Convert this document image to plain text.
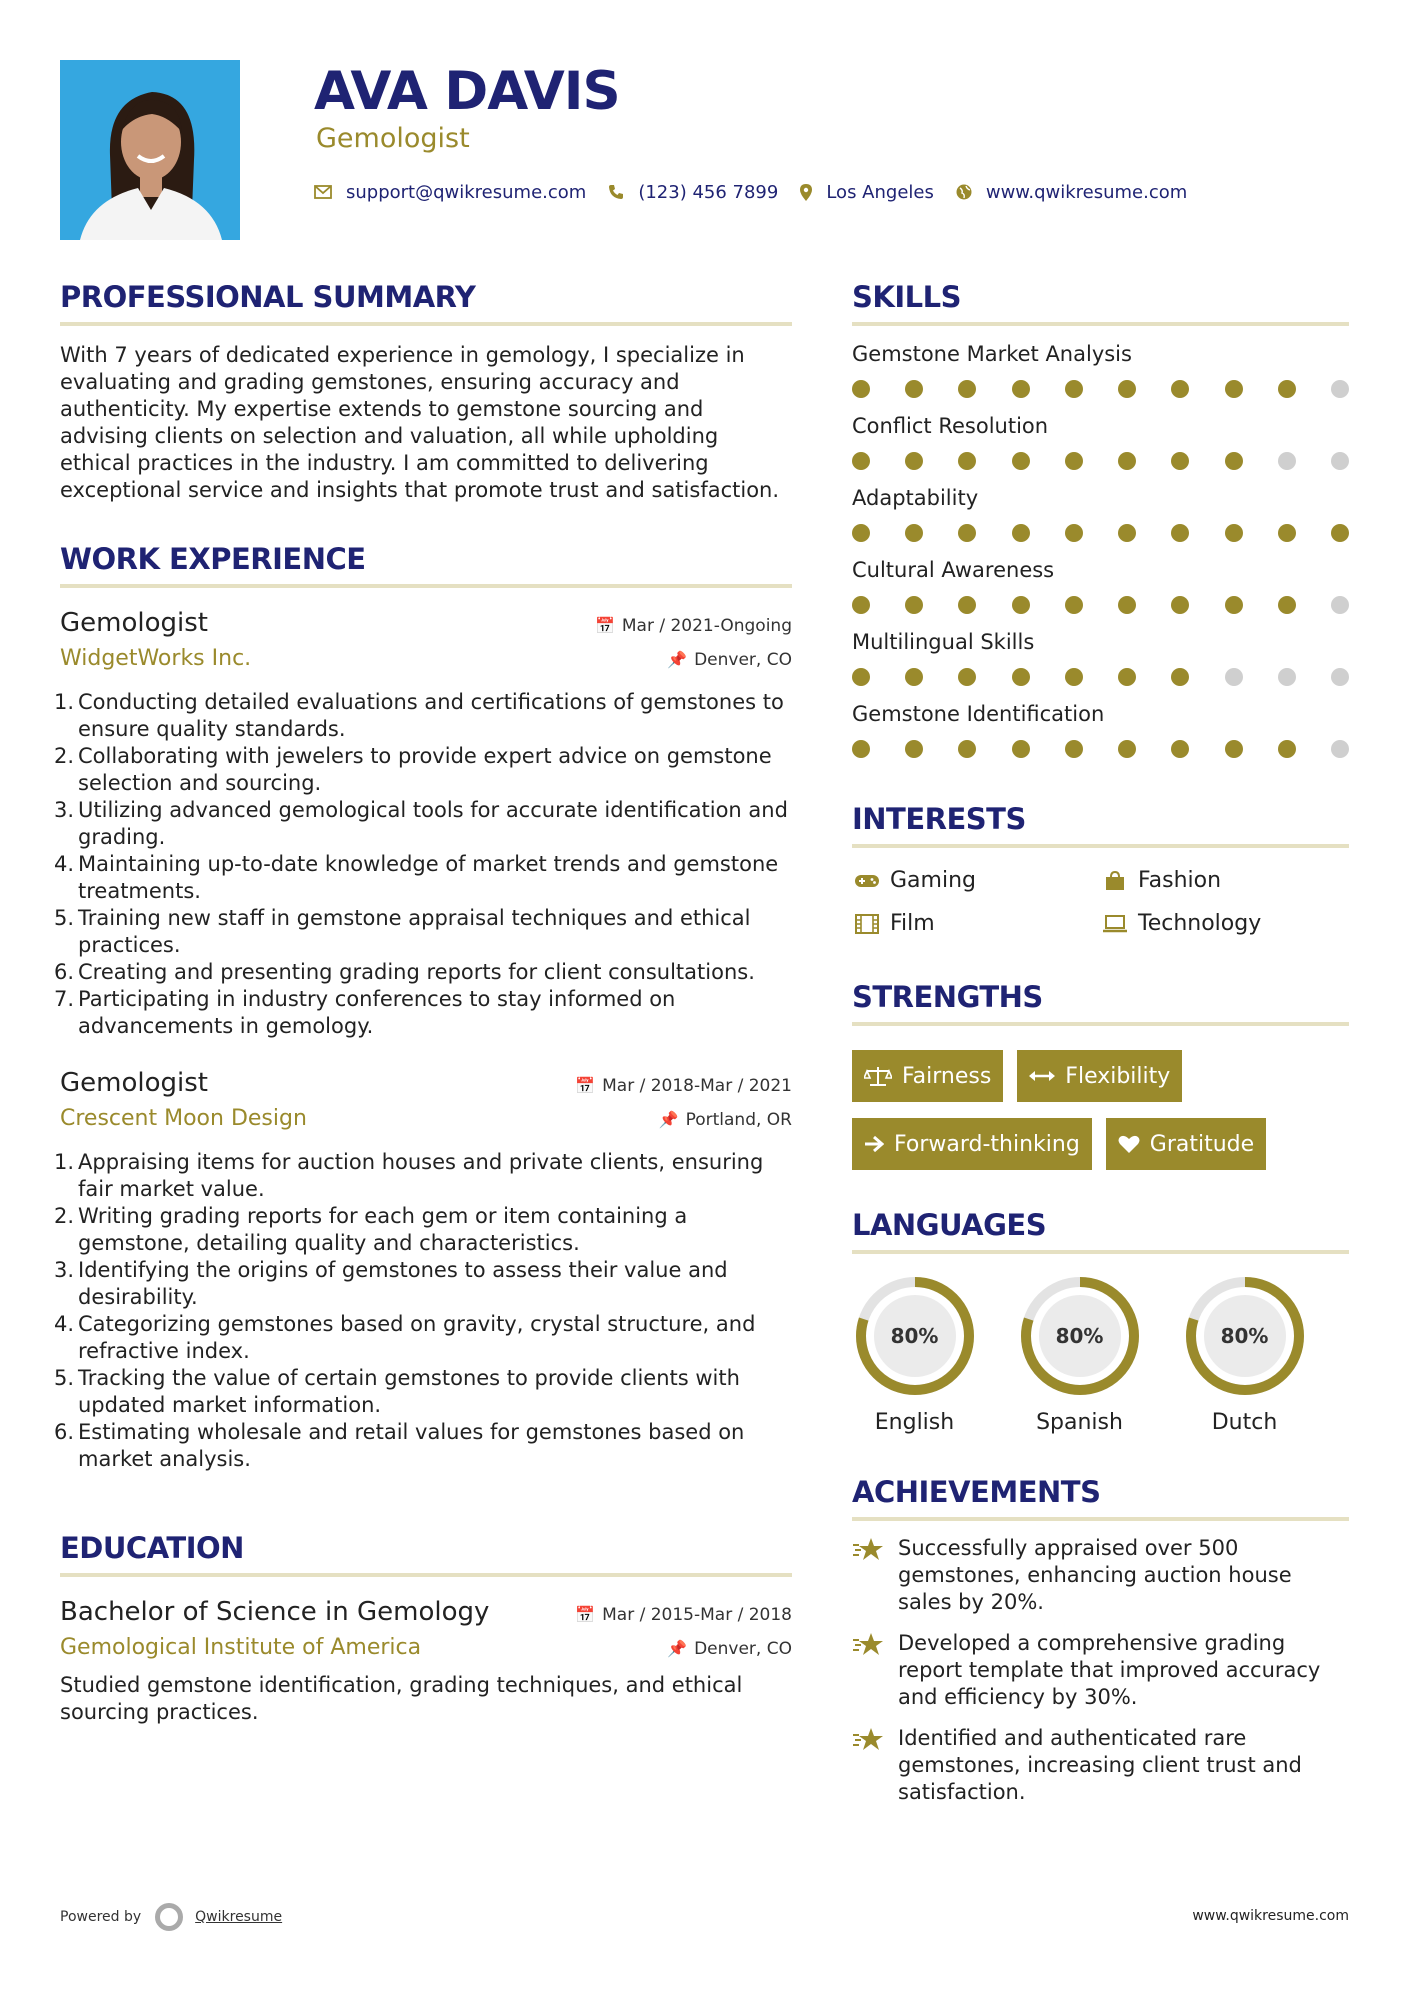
AVA DAVIS
Gemologist
support@qwikresume.com	(123) 456 7899	Los Angeles	www.qwikresume.com
PROFESSIONAL SUMMARY
With 7 years of dedicated experience in gemology, I specialize in evaluating and grading gemstones, ensuring accuracy and authenticity. My expertise extends to gemstone sourcing and advising clients on selection and valuation, all while upholding ethical practices in the industry. I am committed to delivering exceptional service and insights that promote trust and satisfaction.
WORK EXPERIENCE
Gemologist	📅 Mar / 2021-Ongoing
WidgetWorks Inc.	📌 Denver, CO
Conducting detailed evaluations and certifications of gemstones to ensure quality standards.
Collaborating with jewelers to provide expert advice on gemstone selection and sourcing.
Utilizing advanced gemological tools for accurate identification and grading.
Maintaining up-to-date knowledge of market trends and gemstone treatments.
Training new staff in gemstone appraisal techniques and ethical practices.
Creating and presenting grading reports for client consultations.
Participating in industry conferences to stay informed on advancements in gemology.
Gemologist	📅 Mar / 2018-Mar / 2021
Crescent Moon Design	📌 Portland, OR
Appraising items for auction houses and private clients, ensuring fair market value.
Writing grading reports for each gem or item containing a gemstone, detailing quality and characteristics.
Identifying the origins of gemstones to assess their value and desirability.
Categorizing gemstones based on gravity, crystal structure, and refractive index.
Tracking the value of certain gemstones to provide clients with updated market information.
Estimating wholesale and retail values for gemstones based on market analysis.
EDUCATION
Bachelor of Science in Gemology	📅 Mar / 2015-Mar / 2018
Gemological Institute of America	📌 Denver, CO
Studied gemstone identification, grading techniques, and ethical sourcing practices.
SKILLS
Gemstone Market Analysis
Conflict Resolution
Adaptability
Cultural Awareness
Multilingual Skills
Gemstone Identification
INTERESTS
Gaming	Fashion
Film	Technology
STRENGTHS
Fairness	Flexibility
Forward-thinking	Gratitude
LANGUAGES
80%
English
80%
Spanish
80%
Dutch
ACHIEVEMENTS
Successfully appraised over 500 gemstones, enhancing auction house sales by 20%.
Developed a comprehensive grading report template that improved accuracy and efficiency by 30%.
Identified and authenticated rare gemstones, increasing client trust and satisfaction.
Powered by	Qwikresume	www.qwikresume.com
